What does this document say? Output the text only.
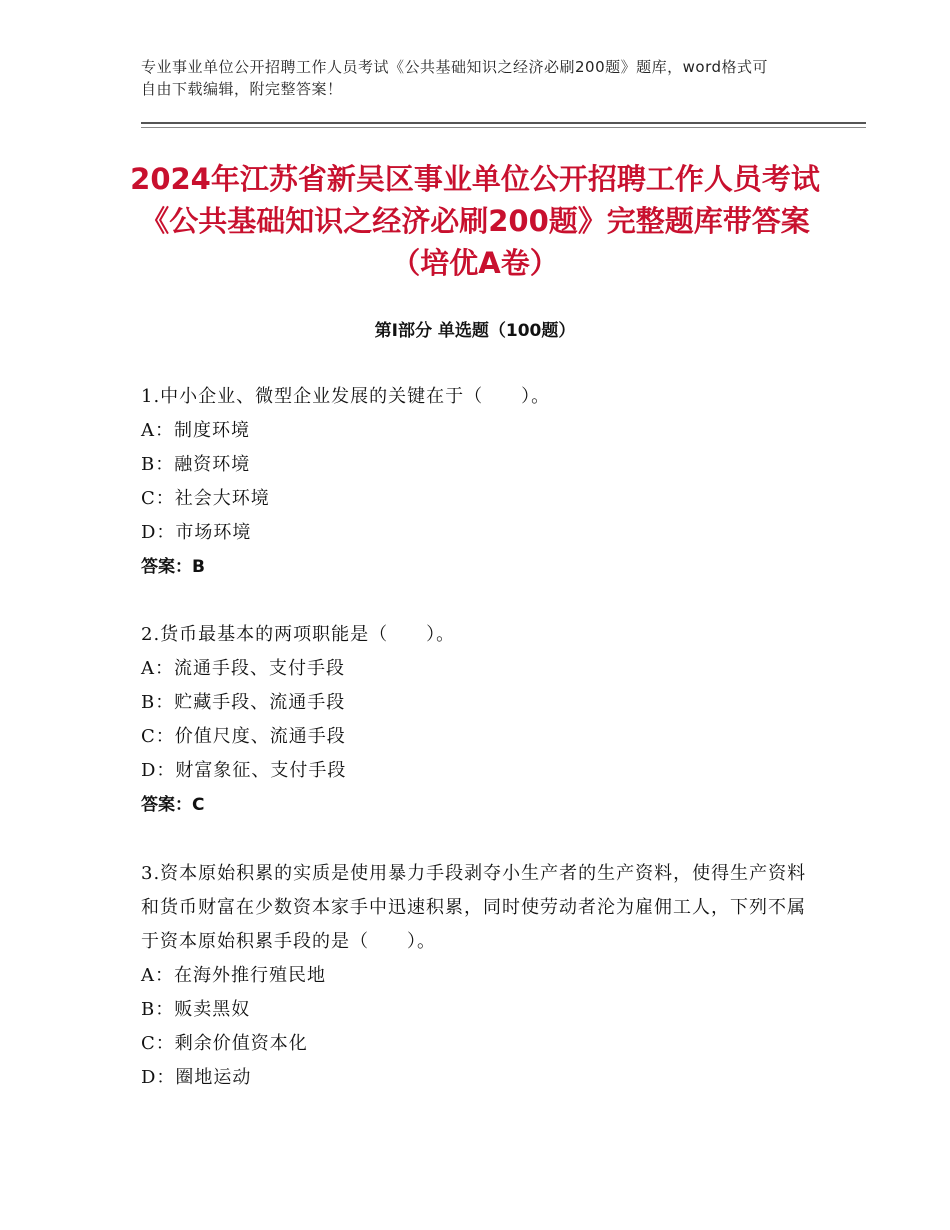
专业事业单位公开招聘工作人员考试《公共基础知识之经济必刷200题》题库，word格式可自由下载编辑，附完整答案！
2024年江苏省新吴区事业单位公开招聘工作人员考试《公共基础知识之经济必刷200题》完整题库带答案（培优A卷）
第I部分 单选题（100题）
1.中小企业、微型企业发展的关键在于（　　）。
A：制度环境
B：融资环境
C：社会大环境
D：市场环境
答案：B
2.货币最基本的两项职能是（　　）。
A：流通手段、支付手段
B：贮藏手段、流通手段
C：价值尺度、流通手段
D：财富象征、支付手段
答案：C
3.资本原始积累的实质是使用暴力手段剥夺小生产者的生产资料，使得生产资料和货币财富在少数资本家手中迅速积累，同时使劳动者沦为雇佣工人，下列不属于资本原始积累手段的是（　　）。
A：在海外推行殖民地
B：贩卖黑奴
C：剩余价值资本化
D：圈地运动
